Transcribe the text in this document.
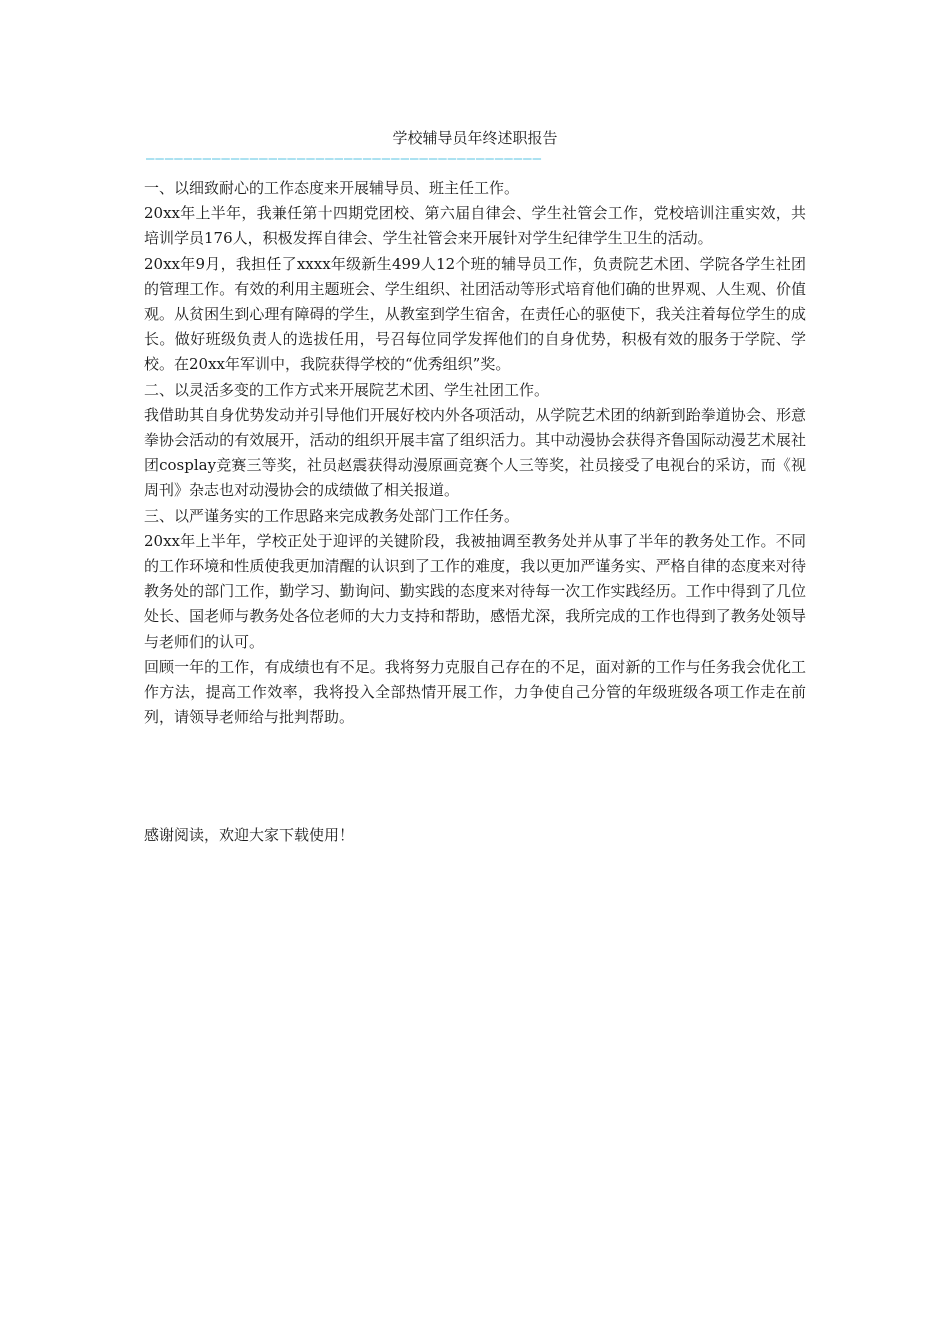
学校辅导员年终述职报告
——————————————————————————————————————————

一、以细致耐心的工作态度来开展辅导员、班主任工作。

20xx年上半年，我兼任第十四期党团校、第六届自律会、学生社管会工作，党校培训注重实效，共培训学员176人，积极发挥自律会、学生社管会来开展针对学生纪律学生卫生的活动。

20xx年9月，我担任了xxxx年级新生499人12个班的辅导员工作，负责院艺术团、学院各学生社团的管理工作。有效的利用主题班会、学生组织、社团活动等形式培育他们确的世界观、人生观、价值观。从贫困生到心理有障碍的学生，从教室到学生宿舍，在责任心的驱使下，我关注着每位学生的成长。做好班级负责人的选拔任用，号召每位同学发挥他们的自身优势，积极有效的服务于学院、学校。在20xx年军训中，我院获得学校的“优秀组织”奖。

二、以灵活多变的工作方式来开展院艺术团、学生社团工作。

我借助其自身优势发动并引导他们开展好校内外各项活动，从学院艺术团的纳新到跆拳道协会、形意拳协会活动的有效展开，活动的组织开展丰富了组织活力。其中动漫协会获得齐鲁国际动漫艺术展社团cosplay竞赛三等奖，社员赵震获得动漫原画竞赛个人三等奖，社员接受了电视台的采访，而《视周刊》杂志也对动漫协会的成绩做了相关报道。

三、以严谨务实的工作思路来完成教务处部门工作任务。

20xx年上半年，学校正处于迎评的关键阶段，我被抽调至教务处并从事了半年的教务处工作。不同的工作环境和性质使我更加清醒的认识到了工作的难度，我以更加严谨务实、严格自律的态度来对待教务处的部门工作，勤学习、勤询问、勤实践的态度来对待每一次工作实践经历。工作中得到了几位处长、国老师与教务处各位老师的大力支持和帮助，感悟尤深，我所完成的工作也得到了教务处领导与老师们的认可。

回顾一年的工作，有成绩也有不足。我将努力克服自己存在的不足，面对新的工作与任务我会优化工作方法，提高工作效率，我将投入全部热情开展工作，力争使自己分管的年级班级各项工作走在前列，请领导老师给与批判帮助。

感谢阅读，欢迎大家下载使用！
